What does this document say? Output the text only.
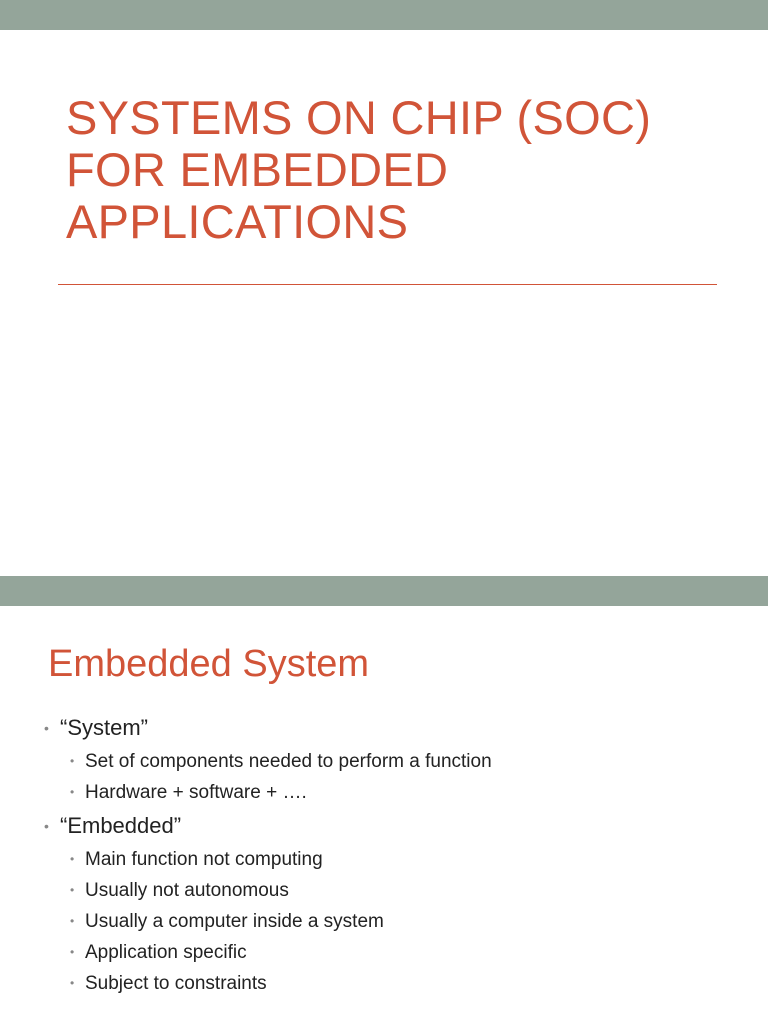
SYSTEMS ON CHIP (SOC)
FOR EMBEDDED
APPLICATIONS
Embedded System
• “System”
• Set of components needed to perform a function
• Hardware + software + ….
• “Embedded”
• Main function not computing
• Usually not autonomous
• Usually a computer inside a system
• Application specific
• Subject to constraints
